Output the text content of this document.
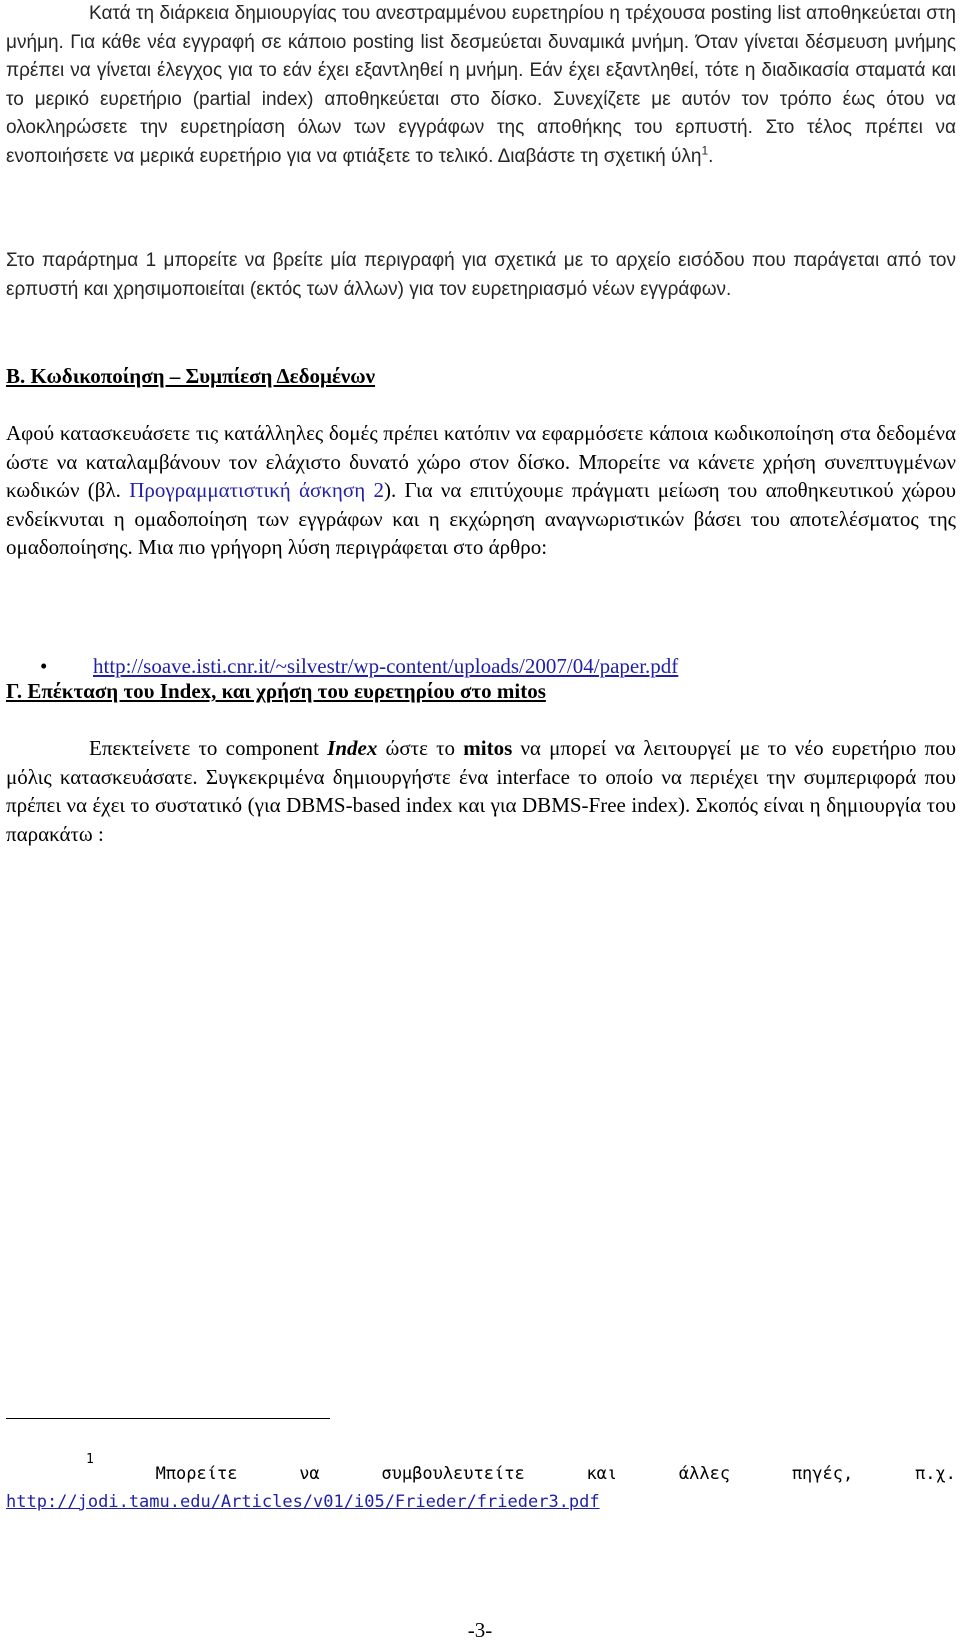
Κατά τη διάρκεια δημιουργίας του ανεστραμμένου ευρετηρίου η τρέχουσα posting list αποθηκεύεται στη μνήμη. Για κάθε νέα εγγραφή σε κάποιο posting list δεσμεύεται δυναμικά μνήμη. Όταν γίνεται δέσμευση μνήμης πρέπει να γίνεται έλεγχος για το εάν έχει εξαντληθεί η μνήμη. Εάν έχει εξαντληθεί, τότε η διαδικασία σταματά και το μερικό ευρετήριο (partial index) αποθηκεύεται στο δίσκο. Συνεχίζετε με αυτόν τον τρόπο έως ότου να ολοκληρώσετε την ευρετηρίαση όλων των εγγράφων της αποθήκης του ερπυστή. Στο τέλος πρέπει να ενοποιήσετε να μερικά ευρετήριο για να φτιάξετε το τελικό. Διαβάστε τη σχετική ύλη$^1$.

Στο παράρτημα 1 μπορείτε να βρείτε μία περιγραφή για σχετικά με το αρχείο εισόδου που παράγεται από τον ερπυστή και χρησιμοποιείται (εκτός των άλλων) για τον ευρετηριασμό νέων εγγράφων.

Β. Κωδικοποίηση – Συμπίεση Δεδομένων

Αφού κατασκευάσετε τις κατάλληλες δομές πρέπει κατόπιν να εφαρμόσετε κάποια κωδικοποίηση στα δεδομένα ώστε να καταλαμβάνουν τον ελάχιστο δυνατό χώρο στον δίσκο. Μπορείτε να κάνετε χρήση συνεπτυγμένων κωδικών (βλ. Προγραμματιστική άσκηση 2). Για να επιτύχουμε πράγματι μείωση του αποθηκευτικού χώρου ενδείκνυται η ομαδοποίηση των εγγράφων και η εκχώρηση αναγνωριστικών βάσει του αποτελέσματος της ομαδοποίησης. Μια πιο γρήγορη λύση περιγράφεται στο άρθρο:

• http://soave.isti.cnr.it/~silvestr/wp-content/uploads/2007/04/paper.pdf
Γ. Επέκταση του Index, και χρήση του ευρετηρίου στο mitos

Επεκτείνετε το component Index ώστε το mitos να μπορεί να λειτουργεί με το νέο ευρετήριο που μόλις κατασκευάσατε. Συγκεκριμένα δημιουργήστε ένα interface το οποίο να περιέχει την συμπεριφορά που πρέπει να έχει το συστατικό (για DBMS-based index και για DBMS-Free index). Σκοπός είναι η δημιουργία του παρακάτω :

1
Μπορείτε	να	συμβουλευτείτε	και	άλλες	πηγές,	π.χ.
http://jodi.tamu.edu/Articles/v01/i05/Frieder/frieder3.pdf
-3-
